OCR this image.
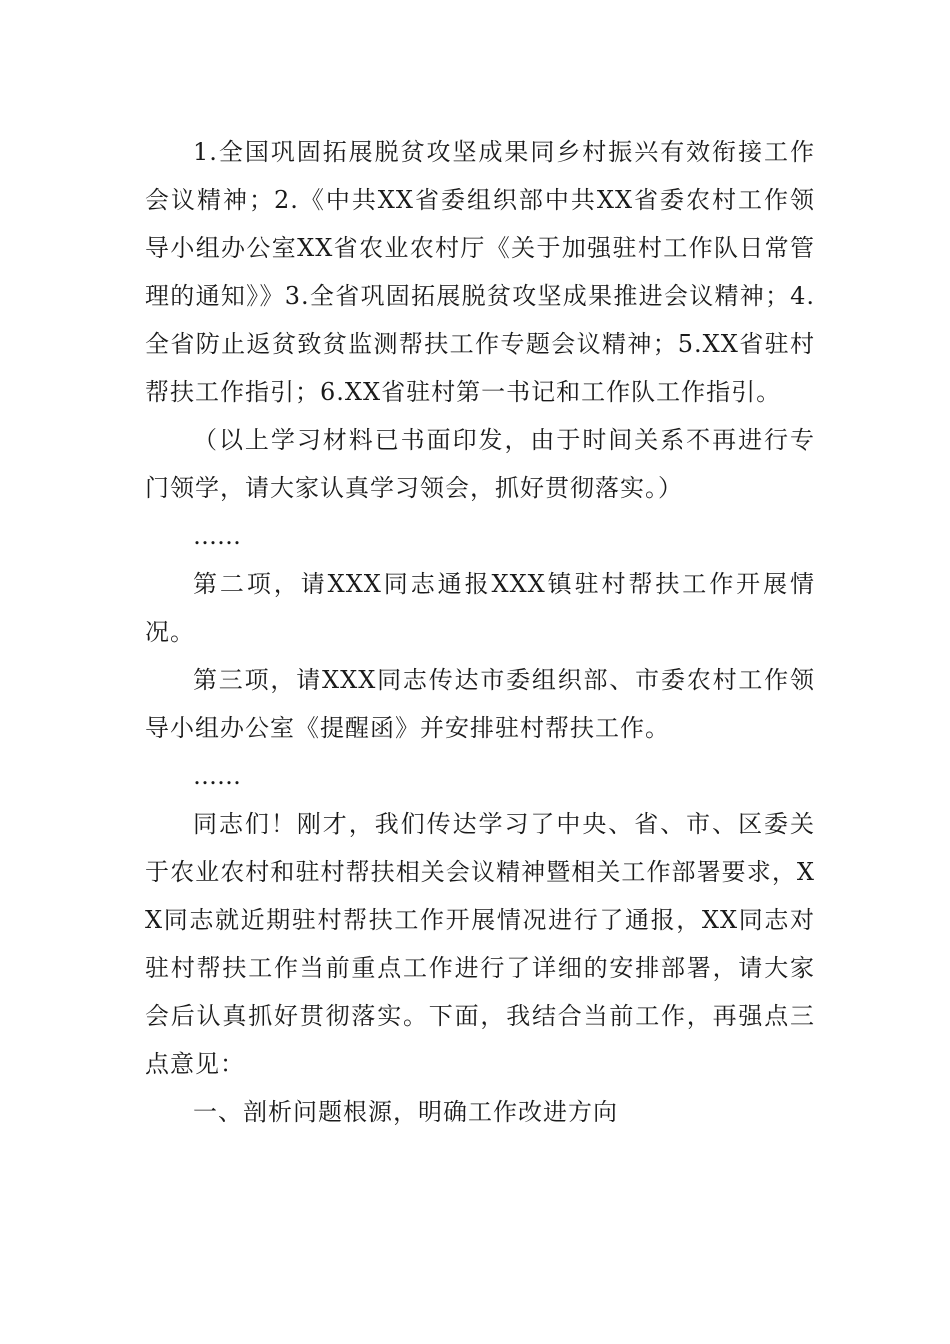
1.全国巩固拓展脱贫攻坚成果同乡村振兴有效衔接工作会议精神；2.《中共XX省委组织部中共XX省委农村工作领导小组办公室XX省农业农村厅《关于加强驻村工作队日常管理的通知》》3.全省巩固拓展脱贫攻坚成果推进会议精神；4.全省防止返贫致贫监测帮扶工作专题会议精神；5.XX省驻村帮扶工作指引；6.XX省驻村第一书记和工作队工作指引。

（以上学习材料已书面印发，由于时间关系不再进行专门领学，请大家认真学习领会，抓好贯彻落实。）

……

第二项，请XXX同志通报XXX镇驻村帮扶工作开展情况。

第三项，请XXX同志传达市委组织部、市委农村工作领导小组办公室《提醒函》并安排驻村帮扶工作。

……

同志们！刚才，我们传达学习了中央、省、市、区委关于农业农村和驻村帮扶相关会议精神暨相关工作部署要求，XX同志就近期驻村帮扶工作开展情况进行了通报，XX同志对驻村帮扶工作当前重点工作进行了详细的安排部署，请大家会后认真抓好贯彻落实。下面，我结合当前工作，再强点三点意见：

一、剖析问题根源，明确工作改进方向
